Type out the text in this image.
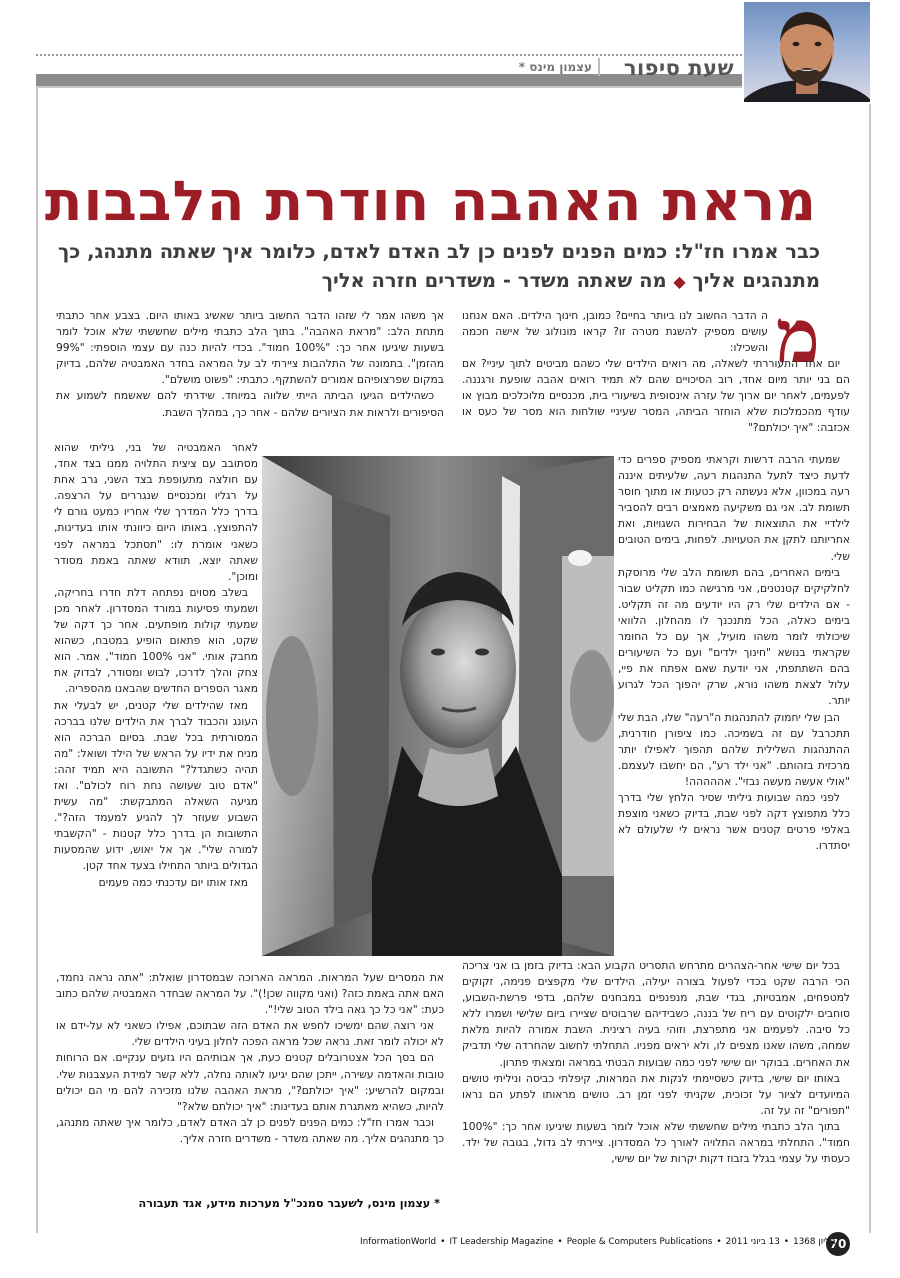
שעת סיפור
עצמון מינס *
מראת האהבה חודרת הלבבות
כבר אמרו חז"ל: כמים הפנים לפנים כן לב האדם לאדם, כלומר איך שאתה מתנהג, כך
מתנהגים אליך ◆ מה שאתה משדר - משדרים חזרה אליך
מ

ה הדבר החשוב לנו ביותר בחיים? כמובן, חינוך הילדים. האם אנחנו עושים מספיק להשגת מטרה זו? קראו מונולוג של אישה חכמה והשכילו:

יום אחד התעוררתי לשאלה, מה רואים הילדים שלי כשהם מביטים לתוך עיניי? אם הם בני יותר מיום אחד, רוב הסיכויים שהם לא תמיד רואים אהבה שופעת ורגננה. לפעמים, לאחר יום ארוך של עזרה אינסופית בשיעורי בית, מכנסיים מלוכלכים מבוץ או עודף מהכמלכות שלא הוחזר הביתה, המסר שעיניי שולחות הוא מסר של כעס או אכזבה: "איך יכולתם?"

שמעתי הרבה דרשות וקראתי מספיק ספרים כדי לדעת כיצד לתעל התנהגות רעה, שלעיתים איננה רעה במכוון, אלא נעשתה רק כטעות או מתוך חוסר תשומת לב. אני גם משקיעה מאמצים רבים להסביר לילדיי את התוצאות של הבחירות השגויות, ואת אחריותנו לתקן את הטעויות. לפחות, בימים הטובים שלי.

בימים האחרים, בהם תשומת הלב שלי מרוסקת לחלקיקים קטנטנים, אני מרגישה כמו תקליט שבור - אם הילדים שלי רק היו יודעים מה זה תקליט. בימים כאלה, הכל מתנכנך לו מהחלון. הלוואי שיכולתי לומר משהו מועיל, אך עם כל החומר שקראתי בנושא "חינוך ילדים" ועם כל השיעורים בהם השתתפתי, אני יודעת שאם אפתח את פיי, עלול לצאת משהו נורא, שרק יהפוך הכל לגרוע יותר.

הבן שלי יחמוק להתנהגות ה"רעה" שלו, הבת שלי תתכרבל עם זה בשמיכה. כמו ציפורן חודרנית, ההתנהגות השלילית שלהם תהפוך לאפילו יותר מרכזית בזהותם. "אני ילד רע", הם יחשבו לעצמם. "אולי אעשה מעשה נבזי". אההההה!

לפני כמה שבועות גיליתי שסיר הלחץ שלי בדרך כלל מתפוצץ דקה לפני שבת, בדיוק כשאני מוצפת באלפי פרטים קטנים אשר נראים לי שלעולם לא יסתדרו.

בכל יום שישי אחר-הצהרים מתרחש התסריט הקבוע הבא: בדיוק בזמן בו אני צריכה הכי הרבה שקט בכדי לפעול בצורה יעילה, הילדים שלי מקפצים פנימה, זקוקים למטפחים, אמבטיות, בגדי שבת, מנפנפים במבחנים שלהם, בדפי פרשת-השבוע, סוחבים ילקוטים עם ריח של בננה, כשבידיהם שרבוטים שציירו ביום שלישי ושמרו ללא כל סיבה. לפעמים אני מתפרצת, וזוהי בעיה רצינית. השבת אמורה להיות מלאת שמחה, משהו שאנו מצפים לו, ולא יראים מפניו. התחלתי לחשוב שהחרדה שלי תדביק את האחרים. בבוקר יום שישי לפני כמה שבועות הבטתי במראה ומצאתי פתרון.

באותו יום שישי, בדיוק כשסיימתי לנקות את המראות, קיפלתי כביסה וניליתי טושים המיועדים לציור על זכוכית, שקניתי לפני זמן רב. טושים מראותו לפתע הם נראו "תפורים" זה על זה.

בתוך הלב כתבתי מילים שחששתי שלא אוכל לומר בשעות שיגיעו אחר כך: "100% חמוד". התחלתי במראה התלויה לאורך כל המסדרון. ציירתי לב גדול, בגובה של ילד. כעסתי על עצמי בגלל בזבוז דקות יקרות של יום שישי,

אך משהו אמר לי שזהו הדבר החשוב ביותר שאשיג באותו היום. בצבע אחר כתבתי מתחת הלב: "מראת האהבה". בתוך הלב כתבתי מילים שחששתי שלא אוכל לומר בשעות שיגיעו אחר כך: "100% חמוד". בכדי להיות כנה עם עצמי הוספתי: "99% מהזמן". בתמונה של התלהבות ציירתי לב על המראה בחדר האמבטיה שלהם, בדיוק במקום שפרצופיהם אמורים להשתקף. כתבתי: "פשוט מושלם".

כשהילדים הגיעו הביתה הייתי שלווה במיוחד. שידרתי להם שאשמח לשמוע את הסיפורים ולראות את הציורים שלהם - אחר כך, במהלך השבת.

לאחר האמבטיה של בני, גיליתי שהוא מסתובב עם ציצית התלויה ממנו בצד אחד, עם חולצה מתעופפת בצד השני, גרב אחת על רגליו ומכנסיים שנגררים על הרצפה. בדרך כלל המדרך שלי אחריו כמעט גורם לי להתפוצץ. באותו היום כיוונתי אותו בעדינות, כשאני אומרת לו: "תסתכל במראה לפני שאתה יוצא, תוודא שאתה באמת מסודר ומוכן".

בשלב מסוים נפתחה דלת חדרו בחריקה, ושמעתי פסיעות במורד המסדרון. לאחר מכן שמעתי קולות מופתעים. אחר כך דקה של שקט, הוא פתאום הופיע במטבח, כשהוא מחבק אותי. "אני 100% חמוד", אמר. הוא צחק והלך לדרכו, לבוש ומסודר, לבדוק את מאגר הספרים החדשים שהבאנו מהספריה.

מאז שהילדים שלי קטנים, יש לבעלי את העונג והכבוד לברך את הילדים שלנו בברכה המסורתית בכל שבת. בסיום הברכה הוא מניח את ידיו על הראש של הילד ושואל: "מה תהיה כשתגדל?" התשובה היא תמיד זהה: "אדם טוב שעושה נחת רוח לכולם". ואז מגיעה השאלה המתבקשת: "מה עשית השבוע שעוזר לך להגיע למעמד הזה?". התשובות הן בדרך כלל קטנות - "הקשבתי למורה שלי". אך אל יאוש, ידוע שהמסעות הגדולים ביותר התחילו בצעד אחד קטן.

מאז אותו יום עדכנתי כמה פעמים

את המסרים שעל המראות. המראה הארוכה שבמסדרון שואלת: "אתה נראה נחמד, האם אתה באמת כזה? (ואני מקווה שכן!)". על המראה שבחדר האמבטיה שלהם כתוב כעת: "אני כל כך גאה בילד הטוב שלי!".

אני רוצה שהם ימשיכו לחפש את האדם הזה שבתוכם, אפילו כשאני לא על-ידם או לא יכולה לומר זאת. נראה שכל מראה הפכה לחלון בעיני הילדים שלי.

הם בסך הכל אצטרובלים קטנים כעת, אך אבותיהם היו גזעים ענקיים. אם הרוחות טובות והאדמה עשירה, ייתכן שהם יגיעו לאותה נחלה, ללא קשר למידת העצבנות שלי. ובמקום להרשיע: "איך יכולתם?", מראת האהבה שלנו מזכירה להם מי הם יכולים להיות, כשהיא מאתגרת אותם בעדינות: "איך יכולתם שלא?"

וכבר אמרו חז"ל: כמים הפנים לפנים כן לב האדם לאדם, כלומר איך שאתה מתנהג, כך מתנהגים אליך. מה שאתה משדר - משדרים חזרה אליך.

* עצמון מינס, לשעבר סמנכ"ל מערכות מידע, אגד תעבורה
70
InformationWorld • IT Leadership Magazine • People & Computers Publications • 13 ביוני 2011 • גיליון 1368
